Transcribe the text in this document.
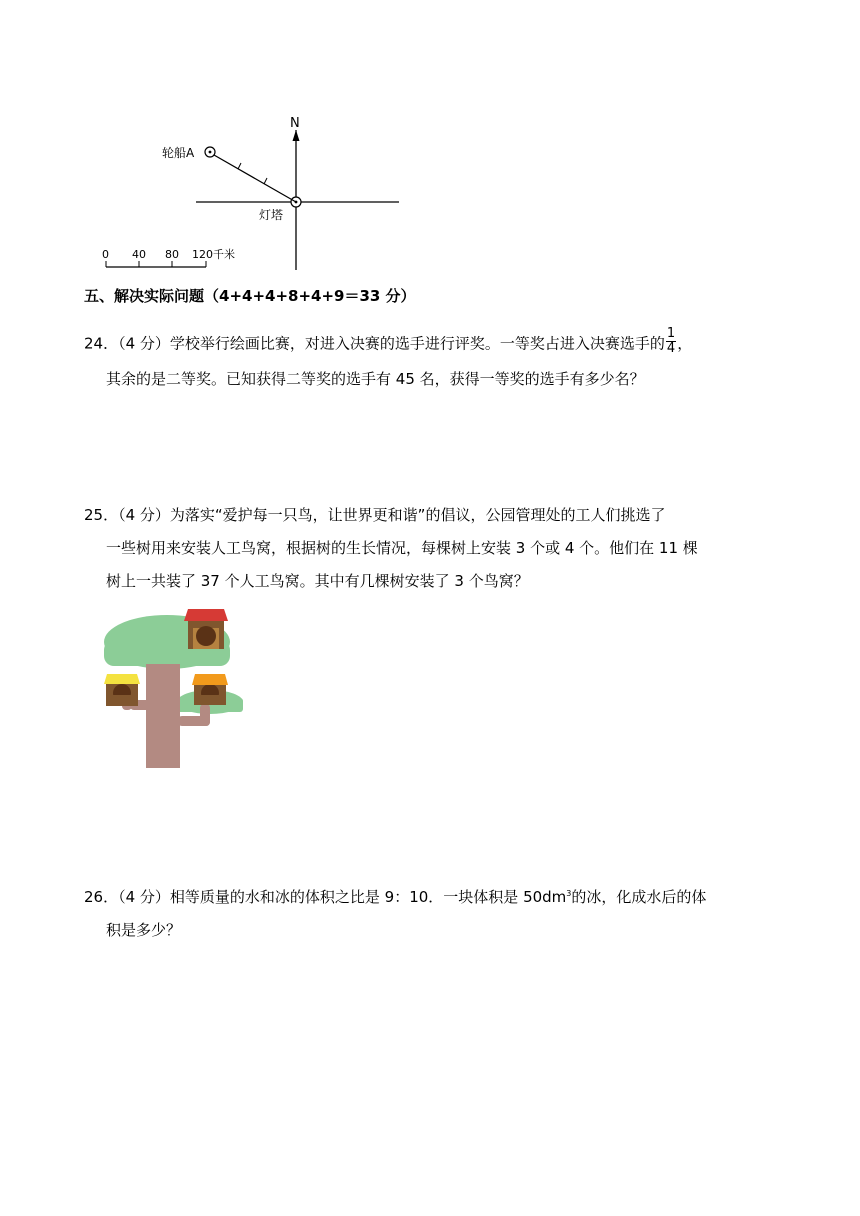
N
灯塔
轮船A
0 40 80 120 千米
五、解决实际问题（4+4+4+8+4+9＝33 分）
24．（4 分）学校举行绘画比赛，对进入决赛的选手进行评奖。一等奖占进入决赛选手的 $\frac{1}{4}$ ，
其余的是二等奖。已知获得二等奖的选手有 45 名，获得一等奖的选手有多少名？
25．（4 分）为落实“爱护每一只鸟，让世界更和谐”的倡议，公园管理处的工人们挑选了
一些树用来安装人工鸟窝，根据树的生长情况，每棵树上安装 3 个或 4 个。他们在 11 棵
树上一共装了 37 个人工鸟窝。其中有几棵树安装了 3 个鸟窝？
26．（4 分）相等质量的水和冰的体积之比是 9：10．一块体积是 $50dm^3$的冰，化成水后的体
积是多少？
